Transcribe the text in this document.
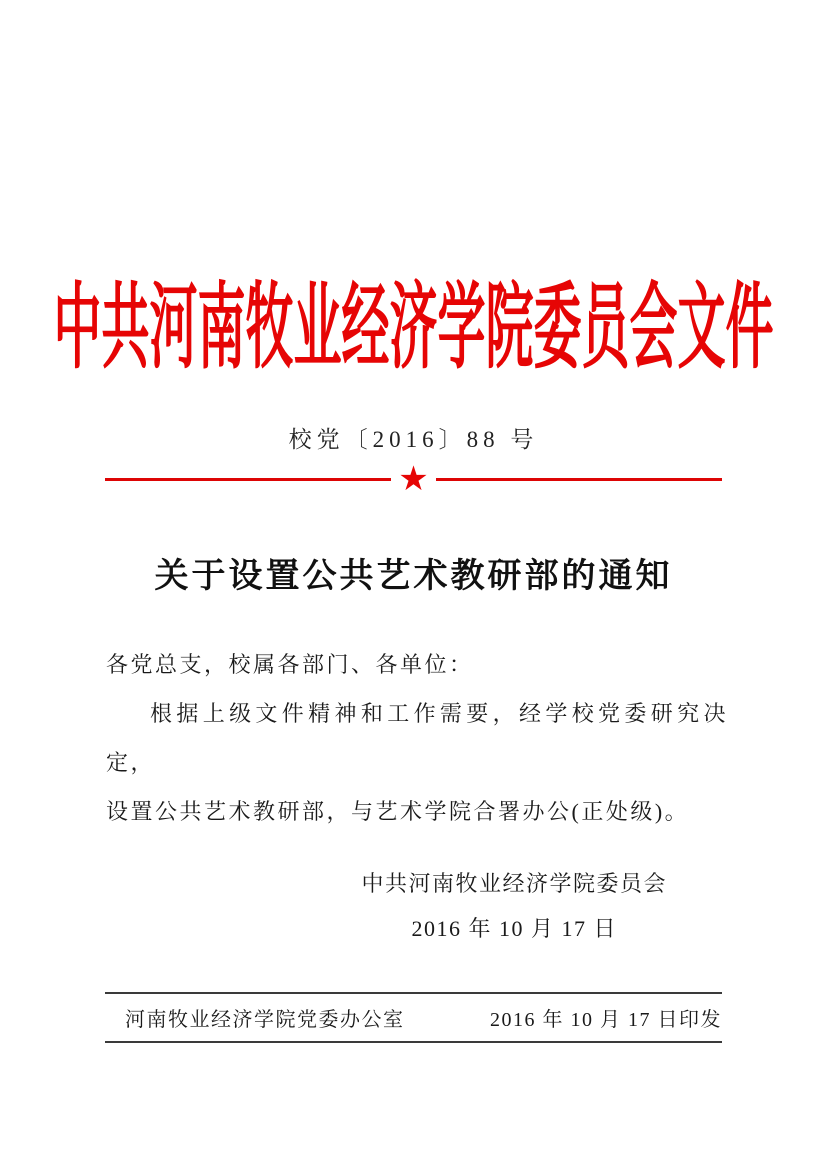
中共河南牧业经济学院委员会文件
校党〔2016〕88 号
★
关于设置公共艺术教研部的通知

各党总支，校属各部门、各单位：

根据上级文件精神和工作需要，经学校党委研究决定，

设置公共艺术教研部，与艺术学院合署办公(正处级)。

中共河南牧业经济学院委员会
2016 年 10 月 17 日
河南牧业经济学院党委办公室	2016 年 10 月 17 日印发
